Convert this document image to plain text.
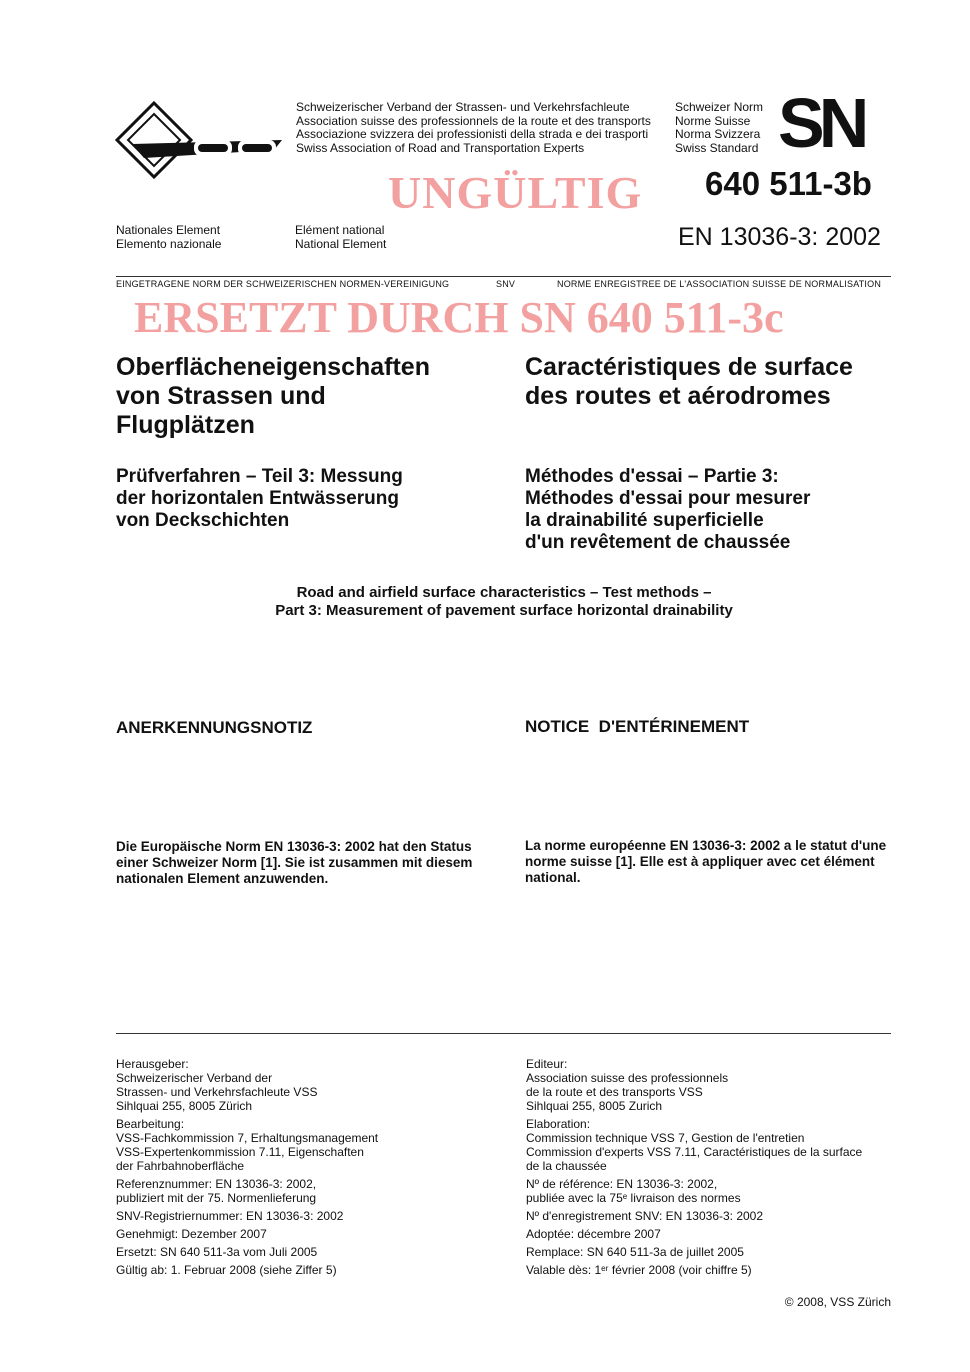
Schweizerischer Verband der Strassen- und Verkehrsfachleute
Association suisse des professionnels de la route et des transports
Associazione svizzera dei professionisti della strada e dei trasporti
Swiss Association of Road and Transportation Experts
Schweizer Norm
Norme Suisse
Norma Svizzera
Swiss Standard SN
UNGÜLTIG 640 511-3b
Nationales Element
Elemento nazionale
Elément national
National Element	EN 13036-3: 2002
EINGETRAGENE NORM DER SCHWEIZERISCHEN NORMEN-VEREINIGUNG	SNV	NORME ENREGISTREE DE L'ASSOCIATION SUISSE DE NORMALISATION
ERSETZT DURCH SN 640 511-3c
Oberflächeneigenschaften
von Strassen und
Flugplätzen
Caractéristiques de surface
des routes et aérodromes
Prüfverfahren – Teil 3: Messung
der horizontalen Entwässerung
von Deckschichten
Méthodes d'essai – Partie 3:
Méthodes d'essai pour mesurer
la drainabilité superficielle
d'un revêtement de chaussée
Road and airfield surface characteristics – Test methods –
Part 3: Measurement of pavement surface horizontal drainability
ANERKENNUNGSNOTIZ	NOTICE  D'ENTÉRINEMENT
Die Europäische Norm EN 13036-3: 2002 hat den Status
einer Schweizer Norm [1]. Sie ist zusammen mit diesem
nationalen Element anzuwenden.
La norme européenne EN 13036-3: 2002 a le statut d'une
norme suisse [1]. Elle est à appliquer avec cet élément
national.

Herausgeber:
Schweizerischer Verband der
Strassen- und Verkehrsfachleute VSS
Sihlquai 255, 8005 Zürich

Bearbeitung:
VSS-Fachkommission 7, Erhaltungsmanagement
VSS-Expertenkommission 7.11, Eigenschaften
der Fahrbahnoberfläche

Referenznummer: EN 13036-3: 2002,
publiziert mit der 75. Normenlieferung

SNV-Registriernummer: EN 13036-3: 2002

Genehmigt: Dezember 2007

Ersetzt: SN 640 511-3a vom Juli 2005

Gültig ab: 1. Februar 2008 (siehe Ziffer 5)

Editeur:
Association suisse des professionnels
de la route et des transports VSS
Sihlquai 255, 8005 Zurich

Elaboration:
Commission technique VSS 7, Gestion de l'entretien
Commission d'experts VSS 7.11, Caractéristiques de la surface
de la chaussée

Nº de référence: EN 13036-3: 2002,
publiée avec la 75ᵉ livraison des normes

Nº d'enregistrement SNV: EN 13036-3: 2002

Adoptée: décembre 2007

Remplace: SN 640 511-3a de juillet 2005

Valable dès: 1ᵉʳ février 2008 (voir chiffre 5)

© 2008, VSS Zürich
